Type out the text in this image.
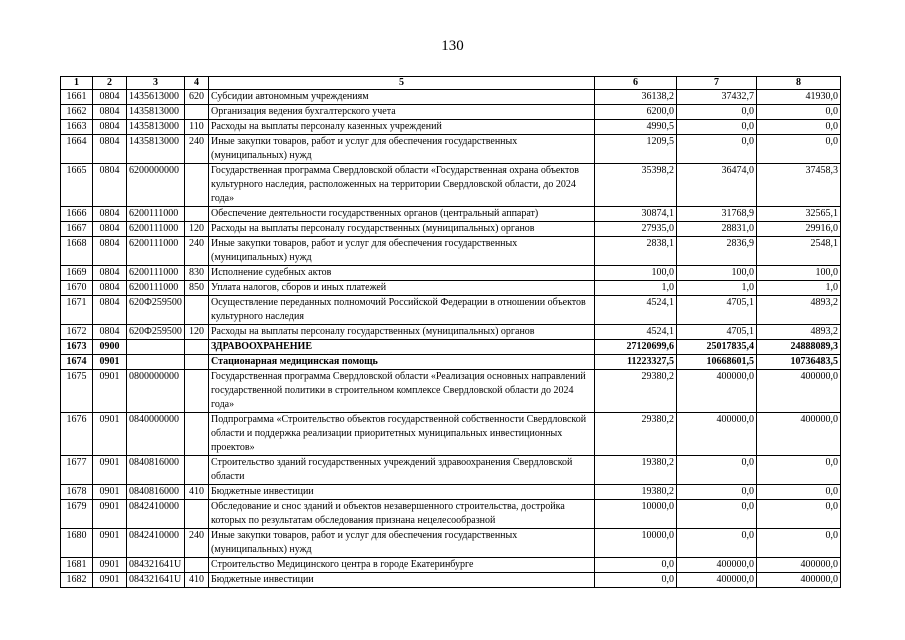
130
1	2	3	4	5	6	7	8
1661	0804	1435613000	620	Субсидии автономным учреждениям	36138,2	37432,7	41930,0
1662	0804	1435813000		Организация ведения бухгалтерского учета	6200,0	0,0	0,0
1663	0804	1435813000	110	Расходы на выплаты персоналу казенных учреждений	4990,5	0,0	0,0
1664	0804	1435813000	240	Иные закупки товаров, работ и услуг для обеспечения государственных (муниципальных) нужд	1209,5	0,0	0,0
1665	0804	6200000000		Государственная программа Свердловской области «Государственная охрана объектов культурного наследия, расположенных на территории Свердловской области, до 2024 года»	35398,2	36474,0	37458,3
1666	0804	6200111000		Обеспечение деятельности государственных органов (центральный аппарат)	30874,1	31768,9	32565,1
1667	0804	6200111000	120	Расходы на выплаты персоналу государственных (муниципальных) органов	27935,0	28831,0	29916,0
1668	0804	6200111000	240	Иные закупки товаров, работ и услуг для обеспечения государственных (муниципальных) нужд	2838,1	2836,9	2548,1
1669	0804	6200111000	830	Исполнение судебных актов	100,0	100,0	100,0
1670	0804	6200111000	850	Уплата налогов, сборов и иных платежей	1,0	1,0	1,0
1671	0804	620Ф259500		Осуществление переданных полномочий Российской Федерации в отношении объектов культурного наследия	4524,1	4705,1	4893,2
1672	0804	620Ф259500	120	Расходы на выплаты персоналу государственных (муниципальных) органов	4524,1	4705,1	4893,2
1673	0900			ЗДРАВООХРАНЕНИЕ	27120699,6	25017835,4	24888089,3
1674	0901			Стационарная медицинская помощь	11223327,5	10668601,5	10736483,5
1675	0901	0800000000		Государственная программа Свердловской области «Реализация основных направлений государственной политики в строительном комплексе Свердловской области до 2024 года»	29380,2	400000,0	400000,0
1676	0901	0840000000		Подпрограмма «Строительство объектов государственной собственности Свердловской области и поддержка реализации приоритетных муниципальных инвестиционных проектов»	29380,2	400000,0	400000,0
1677	0901	0840816000		Строительство зданий государственных учреждений здравоохранения Свердловской области	19380,2	0,0	0,0
1678	0901	0840816000	410	Бюджетные инвестиции	19380,2	0,0	0,0
1679	0901	0842410000		Обследование и снос зданий и объектов незавершенного строительства, достройка которых по результатам обследования признана нецелесообразной	10000,0	0,0	0,0
1680	0901	0842410000	240	Иные закупки товаров, работ и услуг для обеспечения государственных (муниципальных) нужд	10000,0	0,0	0,0
1681	0901	084321641U		Строительство Медицинского центра в городе Екатеринбурге	0,0	400000,0	400000,0
1682	0901	084321641U	410	Бюджетные инвестиции	0,0	400000,0	400000,0
